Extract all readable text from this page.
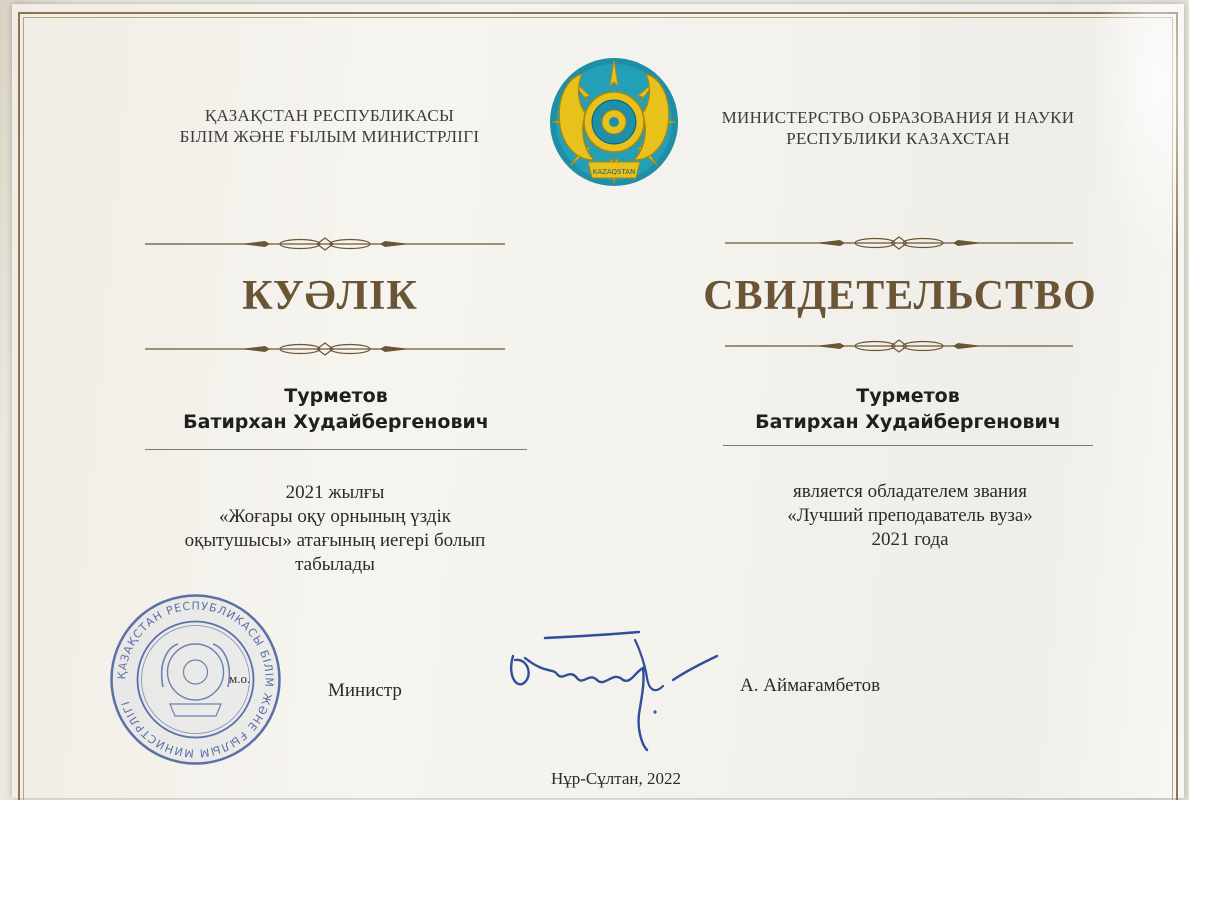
ҚАЗАҚСТАН РЕСПУБЛИКАСЫ
БІЛІМ ЖӘНЕ ҒЫЛЫМ МИНИСТРЛІГІ
МИНИСТЕРСТВО ОБРАЗОВАНИЯ И НАУКИ
РЕСПУБЛИКИ КАЗАХСТАН
KAZAQSTAN
КУӘЛІК	СВИДЕТЕЛЬСТВО
Турметов
Батирхан Худайбергенович
Турметов
Батирхан Худайбергенович
2021 жылғы
«Жоғары оқу орнының үздік
оқытушысы» атағының иегері болып
табылады
является обладателем звания
«Лучший преподаватель вуза»
2021 года
ҚАЗАҚСТАН РЕСПУБЛИКАСЫ БІЛІМ ЖӘНЕ ҒЫЛЫМ МИНИСТРЛІГІ
м.о.
Министр	А. Аймағамбетов
Нұр-Сұлтан, 2022
